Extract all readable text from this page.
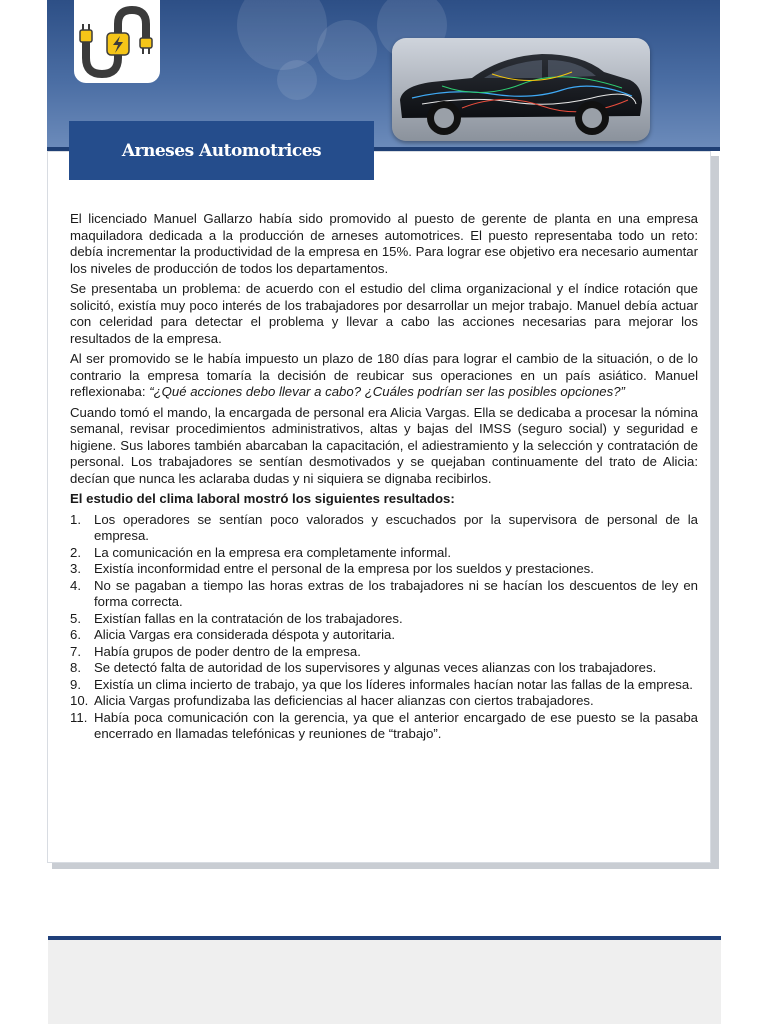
Arneses Automotrices

El licenciado Manuel Gallarzo había sido promovido al puesto de gerente de planta en una empresa maquiladora dedicada a la producción de arneses automotrices. El puesto representaba todo un reto: debía incrementar la productividad de la empresa en 15%. Para lograr ese objetivo era necesario aumentar los niveles de producción de todos los departamentos.

Se presentaba un problema: de acuerdo con el estudio del clima organizacional y el índice rotación que solicitó, existía muy poco interés de los trabajadores por desarrollar un mejor trabajo. Manuel debía actuar con celeridad para detectar el problema y llevar a cabo las acciones necesarias para mejorar los resultados de la empresa.

Al ser promovido se le había impuesto un plazo de 180 días para lograr el cambio de la situación, o de lo contrario la empresa tomaría la decisión de reubicar sus operaciones en un país asiático. Manuel reflexionaba: “¿Qué acciones debo llevar a cabo? ¿Cuáles podrían ser las posibles opciones?”

Cuando tomó el mando, la encargada de personal era Alicia Vargas. Ella se dedicaba a procesar la nómina semanal, revisar procedimientos administrativos, altas y bajas del IMSS (seguro social) y seguridad e higiene. Sus labores también abarcaban la capacitación, el adiestramiento y la selección y contratación de personal. Los trabajadores se sentían desmotivados y se quejaban continuamente del trato de Alicia: decían que nunca les aclaraba dudas y ni siquiera se dignaba recibirlos.

El estudio del clima laboral mostró los siguientes resultados:

1. Los operadores se sentían poco valorados y escuchados por la supervisora de personal de la empresa.
2. La comunicación en la empresa era completamente informal.
3. Existía inconformidad entre el personal de la empresa por los sueldos y prestaciones.
4. No se pagaban a tiempo las horas extras de los trabajadores ni se hacían los descuentos de ley en forma correcta.
5. Existían fallas en la contratación de los trabajadores.
6. Alicia Vargas era considerada déspota y autoritaria.
7. Había grupos de poder dentro de la empresa.
8. Se detectó falta de autoridad de los supervisores y algunas veces alianzas con los trabajadores.
9. Existía un clima incierto de trabajo, ya que los líderes informales hacían notar las fallas de la empresa.
10. Alicia Vargas profundizaba las deficiencias al hacer alianzas con ciertos trabajadores.
11. Había poca comunicación con la gerencia, ya que el anterior encargado de ese puesto se la pasaba encerrado en llamadas telefónicas y reuniones de “trabajo”.
